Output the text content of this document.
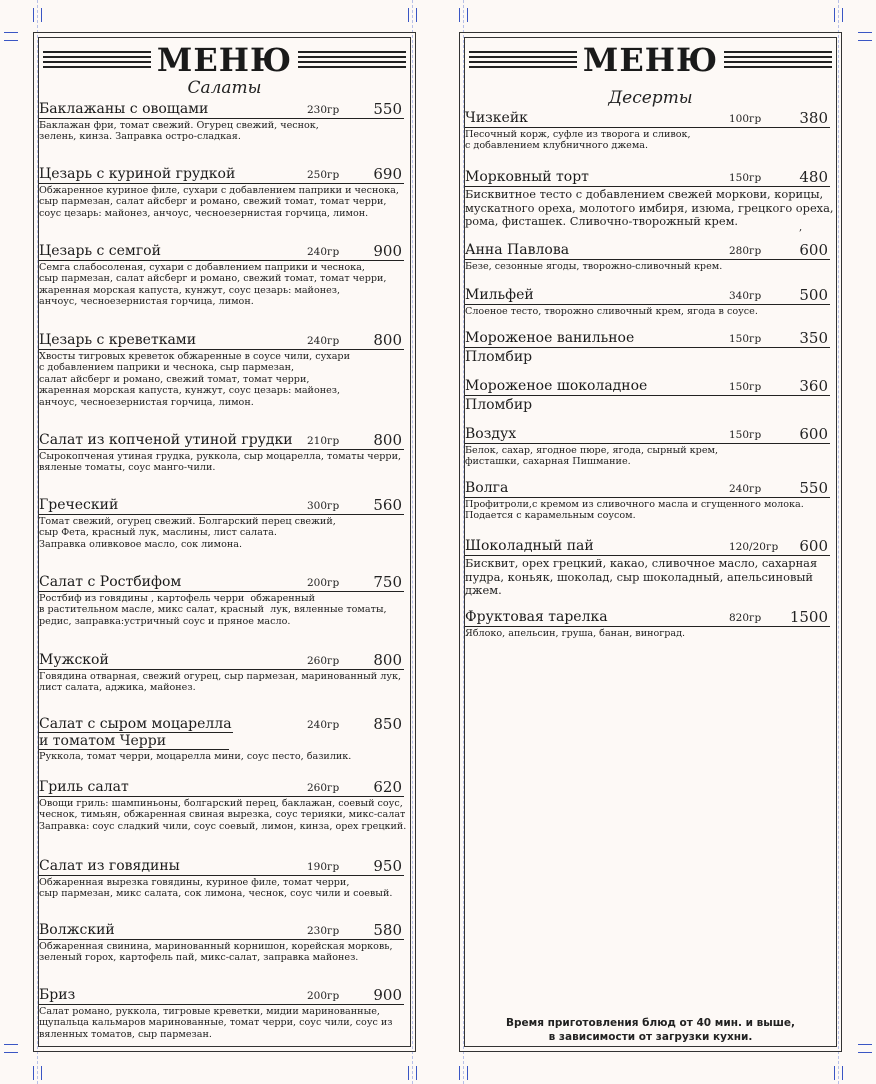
МЕНЮ
Салаты
Баклажаны с овощами	230гр 550
Баклажан фри, томат свежий. Огурец свежий, чеснок,
зелень, кинза. Заправка остро-сладкая.
Цезарь с куриной грудкой	250гр 690
Обжаренное куриное филе, сухари с добавлением паприки и чеснока,
сыр пармезан, салат айсберг и романо, свежий томат, томат черри,
соус цезарь: майонез, анчоус, чесноезернистая горчица, лимон.
Цезарь с семгой	240гр 900
Семга слабосоленая, сухари с добавлением паприки и чеснока,
сыр пармезан, салат айсберг и романо, свежий томат, томат черри,
жаренная морская капуста, кунжут, соус цезарь: майонез,
анчоус, чесноезернистая горчица, лимон.
Цезарь с креветками	240гр 800
Хвосты тигровых креветок обжаренные в соусе чили, сухари
с добавлением паприки и чеснока, сыр пармезан,
салат айсберг и романо, свежий томат, томат черри,
жаренная морская капуста, кунжут, соус цезарь: майонез,
анчоус, чесноезернистая горчица, лимон.
Салат из копченой утиной грудки 210гр 800
Сырокопченая утиная грудка, руккола, сыр моцарелла, томаты черри,
вяленые томаты, соус манго-чили.
Греческий	300гр 560
Томат свежий, огурец свежий. Болгарский перец свежий,
сыр Фета, красный лук, маслины, лист салата.
Заправка оливковое масло, сок лимона.
Салат с Ростбифом	200гр 750
Ростбиф из говядины , картофель черри  обжаренный
в растительном масле, микс салат, красный  лук, вяленные томаты,
редис, заправка:устричный соус и пряное масло.
Мужской	260гр 800
Говядина отварная, свежий огурец, сыр пармезан, маринованный лук,
лист салата, аджика, майонез.
Салат с сыром моцарелла	240гр 850
и томатом Черри
Руккола, томат черри, моцарелла мини, соус песто, базилик.
Гриль салат	260гр 620
Овощи гриль: шампиньоны, болгарский перец, баклажан, соевый соус,
чеснок, тимьян, обжаренная свиная вырезка, соус терияки, микс-салат
Заправка: соус сладкий чили, соус соевый, лимон, кинза, орех грецкий.
Салат из говядины	190гр 950
Обжаренная вырезка говядины, куриное филе, томат черри,
сыр пармезан, микс салата, сок лимона, чеснок, соус чили и соевый.
Волжский	230гр 580
Обжаренная свинина, маринованный корнишон, корейская морковь,
зеленый горох, картофель пай, микс-салат, заправка майонез.
Бриз	200гр 900
Салат романо, руккола, тигровые креветки, мидии маринованные,
щупальца кальмаров маринованные, томат черри, соус чили, соус из
вяленных томатов, сыр пармезан.
МЕНЮ
Десерты
Чизкейк	100гр	380
Песочный корж, суфле из творога и сливок,
с добавлением клубничного джема.
Морковный торт	150гр	480
Бисквитное тесто с добавлением свежей моркови, корицы,
мускатного ореха, молотого имбиря, изюма, грецкого ореха,
рома, фисташек. Сливочно-творожный крем.
Анна Павлова	280гр	600
Безе, сезонные ягоды, творожно-сливочный крем.
Мильфей	340гр	500
Слоеное тесто, творожно сливочный крем, ягода в соусе.
Мороженое ванильное	150гр	350
Пломбир
Мороженое шоколадное	150гр	360
Пломбир
Воздух	150гр	600
Белок, сахар, ягодное пюре, ягода, сырный крем,
фисташки, сахарная Пишмание.
Волга	240гр	550
Профитроли,с кремом из сливочного масла и сгущенного молока.
Подается с карамельным соусом.
Шоколадный пай	120/20гр 600
Бисквит, орех грецкий, какао, сливочное масло, сахарная
пудра, коньяк, шоколад, сыр шоколадный, апельсиновый
джем.
Фруктовая тарелка	820гр 1500
Яблоко, апельсин, груша, банан, виноград.
,
Время приготовления блюд от 40 мин. и выше,
в зависимости от загрузки кухни.
